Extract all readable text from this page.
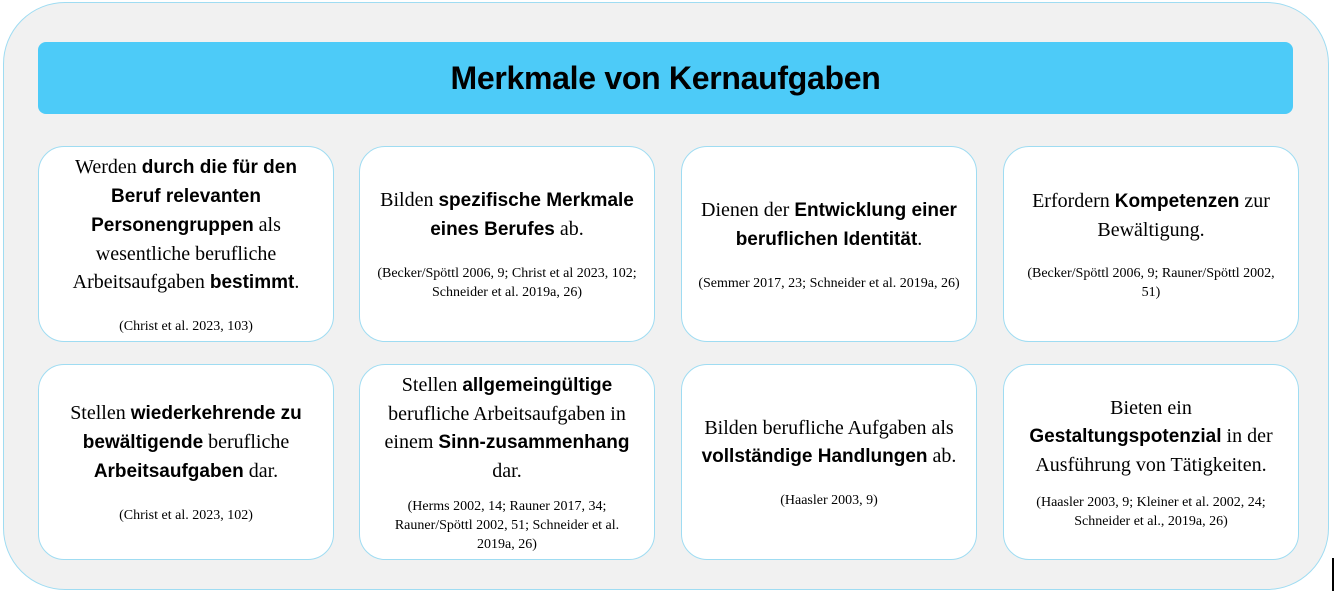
Merkmale von Kernaufgaben
Werden durch die für den Beruf relevanten Personengruppen als wesentliche berufliche Arbeitsaufgaben bestimmt.
(Christ et al. 2023, 103)
Bilden spezifische Merkmale eines Berufes ab.
(Becker/Spöttl 2006, 9; Christ et al 2023, 102; Schneider et al. 2019a, 26)
Dienen der Entwicklung einer beruflichen Identität.
(Semmer 2017, 23; Schneider et al. 2019a, 26)
Erfordern Kompetenzen zur Bewältigung.
(Becker/Spöttl 2006, 9; Rauner/Spöttl 2002, 51)
Stellen wiederkehrende zu bewältigende berufliche Arbeitsaufgaben dar.
(Christ et al. 2023, 102)
Stellen allgemeingültige berufliche Arbeitsaufgaben in einem Sinn-zusammenhang dar.
(Herms 2002, 14; Rauner 2017, 34; Rauner/Spöttl 2002, 51; Schneider et al. 2019a, 26)
Bilden berufliche Aufgaben als vollständige Handlungen ab.
(Haasler 2003, 9)
Bieten ein Gestaltungspotenzial in der Ausführung von Tätigkeiten.
(Haasler 2003, 9; Kleiner et al. 2002, 24; Schneider et al., 2019a, 26)
